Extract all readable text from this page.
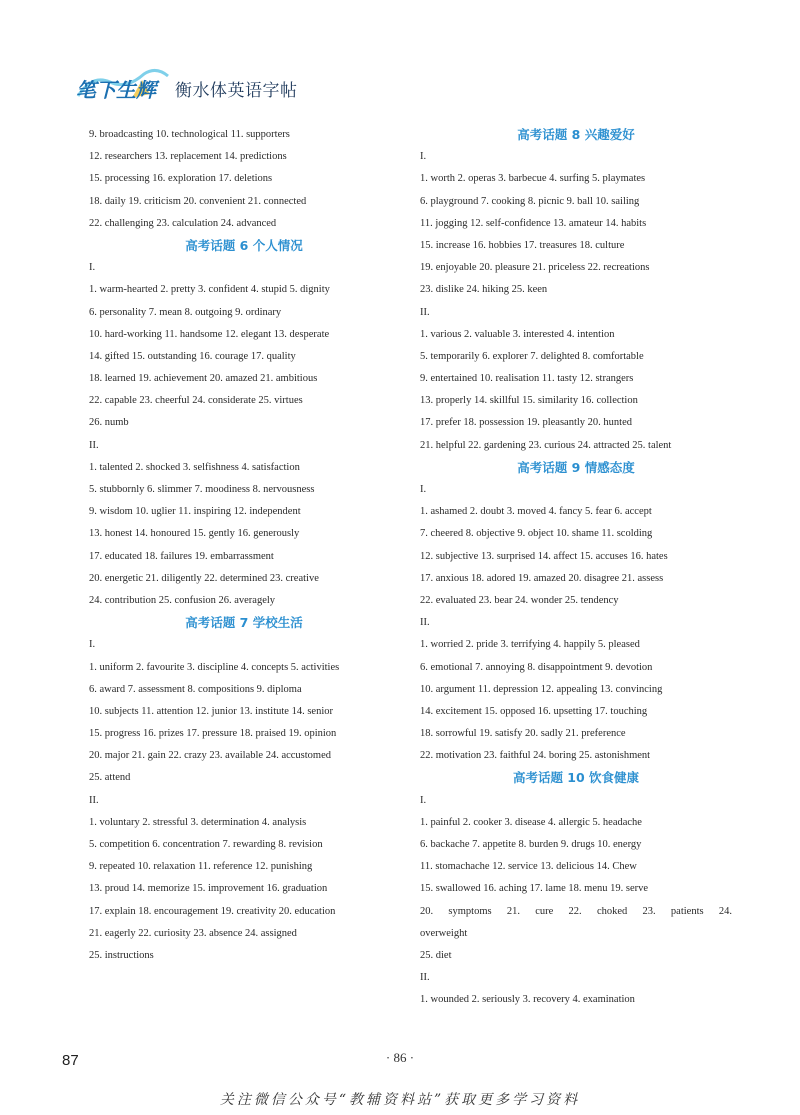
笔下生辉 衡水体英语字帖
9. broadcasting 10. technological 11. supporters
12. researchers 13. replacement 14. predictions
15. processing 16. exploration 17. deletions
18. daily 19. criticism 20. convenient 21. connected
22. challenging 23. calculation 24. advanced
高考话题 6 个人情况
I.
1. warm-hearted 2. pretty 3. confident 4. stupid 5. dignity
6. personality 7. mean 8. outgoing 9. ordinary
10. hard-working 11. handsome 12. elegant 13. desperate
14. gifted 15. outstanding 16. courage 17. quality
18. learned 19. achievement 20. amazed 21. ambitious
22. capable 23. cheerful 24. considerate 25. virtues
26. numb
II.
1. talented 2. shocked 3. selfishness 4. satisfaction
5. stubbornly 6. slimmer 7. moodiness 8. nervousness
9. wisdom 10. uglier 11. inspiring 12. independent
13. honest 14. honoured 15. gently 16. generously
17. educated 18. failures 19. embarrassment
20. energetic 21. diligently 22. determined 23. creative
24. contribution 25. confusion 26. averagely
高考话题 7 学校生活
I.
1. uniform 2. favourite 3. discipline 4. concepts 5. activities
6. award 7. assessment 8. compositions 9. diploma
10. subjects 11. attention 12. junior 13. institute 14. senior
15. progress 16. prizes 17. pressure 18. praised 19. opinion
20. major 21. gain 22. crazy 23. available 24. accustomed
25. attend
II.
1. voluntary 2. stressful 3. determination 4. analysis
5. competition 6. concentration 7. rewarding 8. revision
9. repeated 10. relaxation 11. reference 12. punishing
13. proud 14. memorize 15. improvement 16. graduation
17. explain 18. encouragement 19. creativity 20. education
21. eagerly 22. curiosity 23. absence 24. assigned
25. instructions
高考话题 8 兴趣爱好
I.
1. worth 2. operas 3. barbecue 4. surfing 5. playmates
6. playground 7. cooking 8. picnic 9. ball 10. sailing
11. jogging 12. self-confidence 13. amateur 14. habits
15. increase 16. hobbies 17. treasures 18. culture
19. enjoyable 20. pleasure 21. priceless 22. recreations
23. dislike 24. hiking 25. keen
II.
1. various 2. valuable 3. interested 4. intention
5. temporarily 6. explorer 7. delighted 8. comfortable
9. entertained 10. realisation 11. tasty 12. strangers
13. properly 14. skillful 15. similarity 16. collection
17. prefer 18. possession 19. pleasantly 20. hunted
21. helpful 22. gardening 23. curious 24. attracted 25. talent
高考话题 9 情感态度
I.
1. ashamed 2. doubt 3. moved 4. fancy 5. fear 6. accept
7. cheered 8. objective 9. object 10. shame 11. scolding
12. subjective 13. surprised 14. affect 15. accuses 16. hates
17. anxious 18. adored 19. amazed 20. disagree 21. assess
22. evaluated 23. bear 24. wonder 25. tendency
II.
1. worried 2. pride 3. terrifying 4. happily 5. pleased
6. emotional 7. annoying 8. disappointment 9. devotion
10. argument 11. depression 12. appealing 13. convincing
14. excitement 15. opposed 16. upsetting 17. touching
18. sorrowful 19. satisfy 20. sadly 21. preference
22. motivation 23. faithful 24. boring 25. astonishment
高考话题 10 饮食健康
I.
1. painful 2. cooker 3. disease 4. allergic 5. headache
6. backache 7. appetite 8. burden 9. drugs 10. energy
11. stomachache 12. service 13. delicious 14. Chew
15. swallowed 16. aching 17. lame 18. menu 19. serve
20. symptoms 21. cure 22. choked 23. patients 24.
overweight
25. diet
II.
1. wounded 2. seriously 3. recovery 4. examination
87	· 86 ·
关注微信公众号“教辅资料站”获取更多学习资料
